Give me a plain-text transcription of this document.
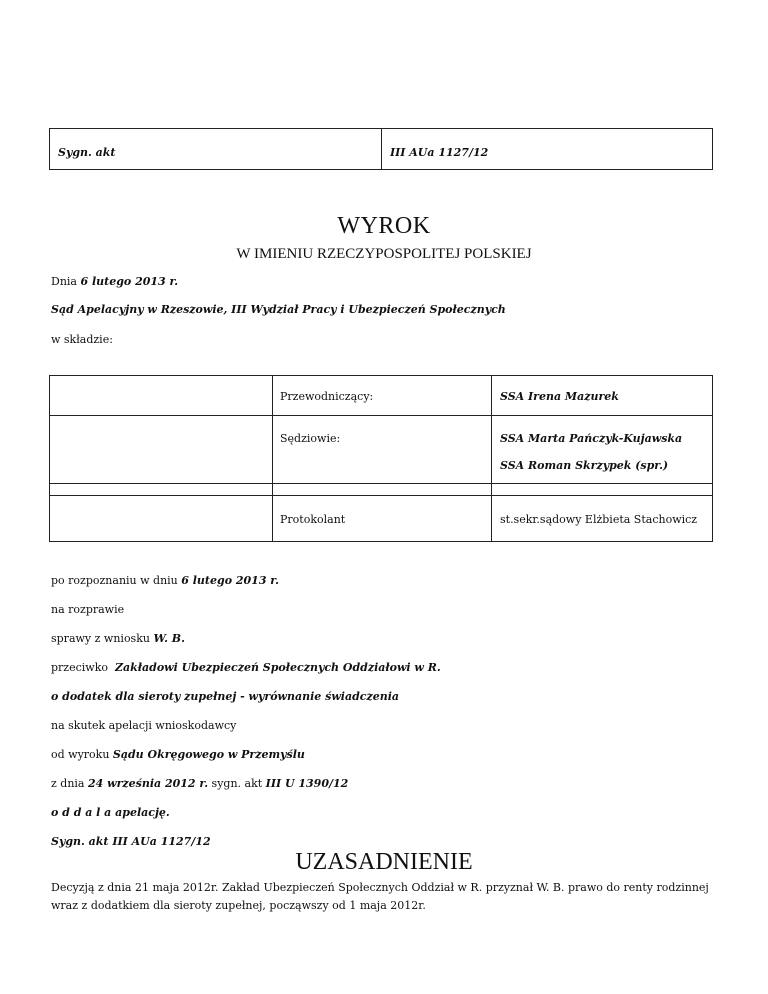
Sygn. akt	III AUa 1127/12
WYROK
W IMIENIU RZECZYPOSPOLITEJ POLSKIEJ
Dnia 6 lutego 2013 r.
Sąd Apelacyjny w Rzeszowie, III Wydział Pracy i Ubezpieczeń Społecznych
w składzie:
Przewodniczący:	SSA Irena Mazurek
Sędziowie:	SSA Marta Pańczyk-Kujawska
SSA Roman Skrzypek (spr.)
Protokolant	st.sekr.sądowy Elżbieta Stachowicz
po rozpoznaniu w dniu 6 lutego 2013 r.
na rozprawie
sprawy z wniosku W. B.
przeciwko  Zakładowi Ubezpieczeń Społecznych Oddziałowi w R.
o dodatek dla sieroty zupełnej - wyrównanie świadczenia
na skutek apelacji wnioskodawcy
od wyroku Sądu Okręgowego w Przemyślu
z dnia 24 września 2012 r. sygn. akt III U 1390/12
o d d a l a apelację.
Sygn. akt III AUa 1127/12
UZASADNIENIE
Decyzją z dnia 21 maja 2012r. Zakład Ubezpieczeń Społecznych Oddział w R. przyznał W. B. prawo do renty rodzinnej wraz z dodatkiem dla sieroty zupełnej, począwszy od 1 maja 2012r.
